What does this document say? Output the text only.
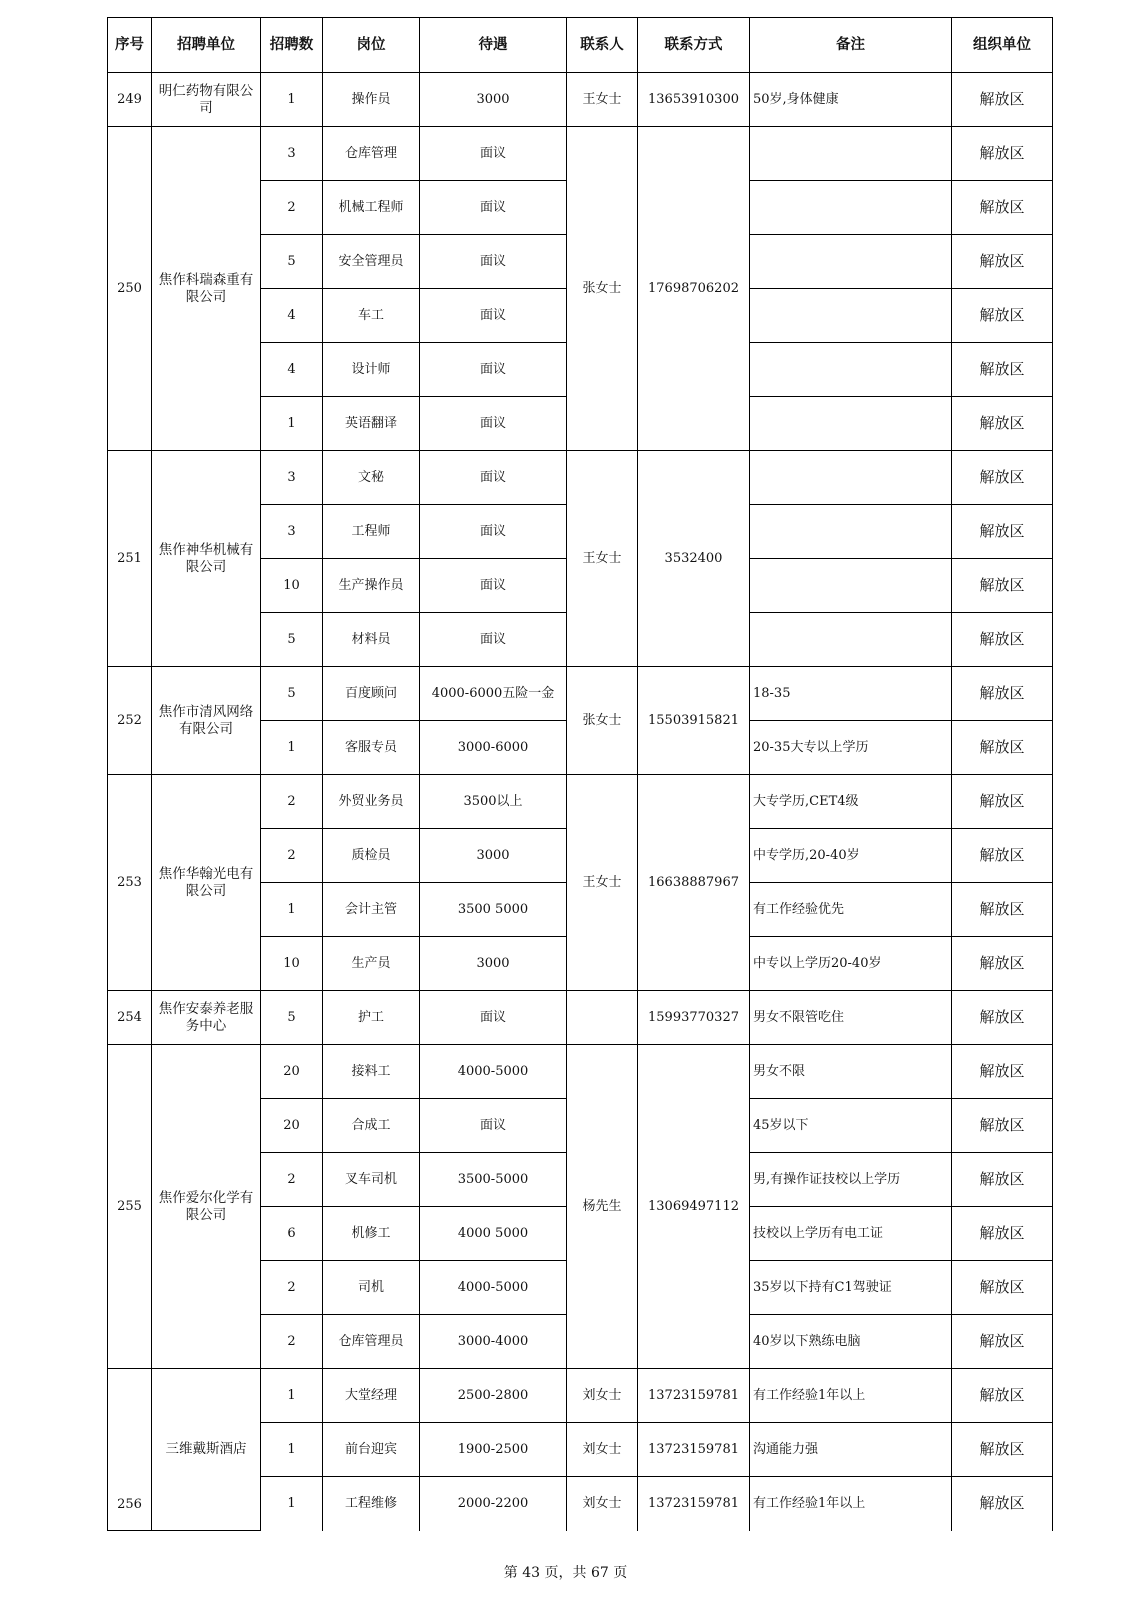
序号	招聘单位	招聘数	岗位	待遇	联系人	联系方式	备注	组织单位
249	明仁药物有限公司	1	操作员	3000	王女士	13653910300	50岁,身体健康	解放区
250	焦作科瑞森重有限公司	3	仓库管理	面议	张女士	17698706202		解放区
		2	机械工程师	面议				解放区
		5	安全管理员	面议				解放区
		4	车工	面议				解放区
		4	设计师	面议				解放区
		1	英语翻译	面议				解放区
251	焦作神华机械有限公司	3	文秘	面议	王女士	3532400		解放区
		3	工程师	面议				解放区
		10	生产操作员	面议				解放区
		5	材料员	面议				解放区
252	焦作市清风网络有限公司	5	百度顾问	4000-6000五险一金	张女士	15503915821	18-35	解放区
		1	客服专员	3000-6000			20-35大专以上学历	解放区
253	焦作华翰光电有限公司	2	外贸业务员	3500以上	王女士	16638887967	大专学历,CET4级	解放区
		2	质检员	3000			中专学历,20-40岁	解放区
		1	会计主管	3500 5000			有工作经验优先	解放区
		10	生产员	3000			中专以上学历20-40岁	解放区
254	焦作安泰养老服务中心	5	护工	面议		15993770327	男女不限管吃住	解放区
255	焦作爱尔化学有限公司	20	接料工	4000-5000	杨先生	13069497112	男女不限	解放区
		20	合成工	面议			45岁以下	解放区
		2	叉车司机	3500-5000			男,有操作证技校以上学历	解放区
		6	机修工	4000 5000			技校以上学历有电工证	解放区
		2	司机	4000-5000			35岁以下持有C1驾驶证	解放区
		2	仓库管理员	3000-4000			40岁以下熟练电脑	解放区
256	三维戴斯酒店	1	大堂经理	2500-2800	刘女士	13723159781	有工作经验1年以上	解放区
		1	前台迎宾	1900-2500	刘女士	13723159781	沟通能力强	解放区
		1	工程维修	2000-2200	刘女士	13723159781	有工作经验1年以上	解放区
第 43 页，共 67 页
